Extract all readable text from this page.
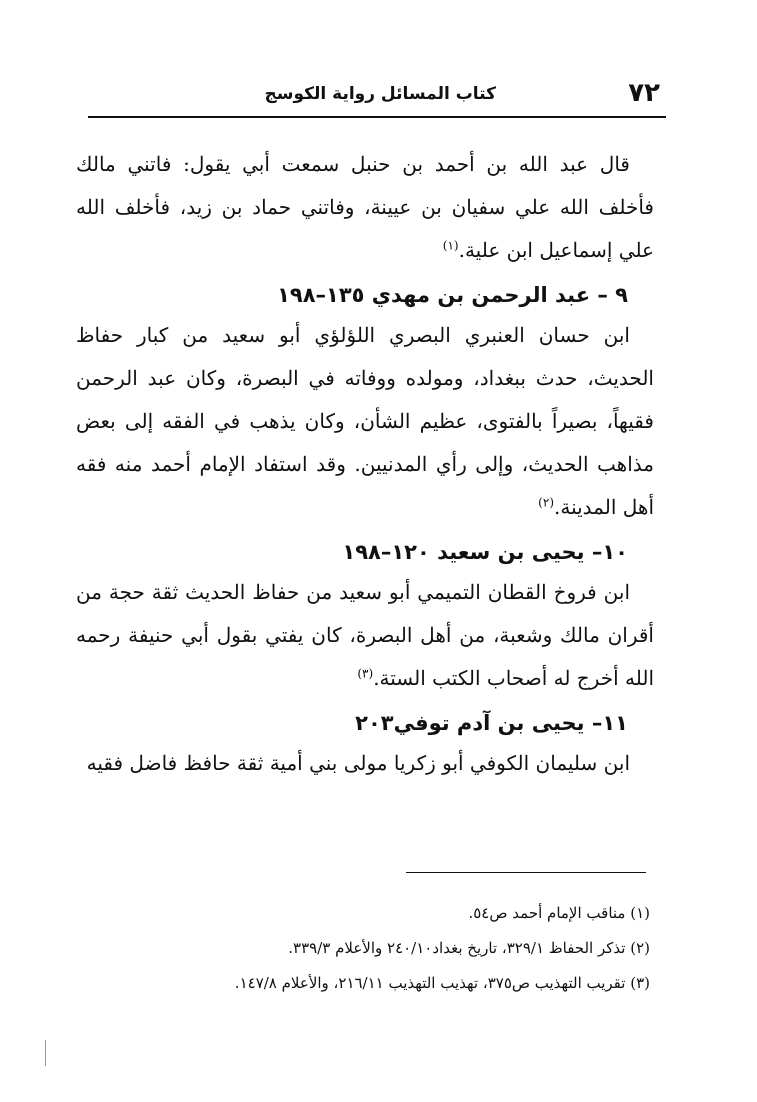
٧٢
كتاب المسائل رواية الكوسج

قال عبد الله بن أحمد بن حنبل سمعت أبي يقول: فاتني مالك فأخلف الله علي سفيان بن عيينة، وفاتني حماد بن زيد، فأخلف الله علي إسماعيل ابن علية.$^{(١)}$

٩ – عبد الرحمن بن مهدي ١٣٥–١٩٨

ابن حسان العنبري البصري اللؤلؤي أبو سعيد من كبار حفاظ الحديث، حدث ببغداد، ومولده ووفاته في البصرة، وكان عبد الرحمن فقيهاً، بصيراً بالفتوى، عظيم الشأن، وكان يذهب في الفقه إلى بعض مذاهب الحديث، وإلى رأي المدنيين. وقد استفاد الإمام أحمد منه فقه أهل المدينة.$^{(٢)}$

١٠– يحيى بن سعيد ١٢٠–١٩٨

ابن فروخ القطان التميمي أبو سعيد من حفاظ الحديث ثقة حجة من أقران مالك وشعبة، من أهل البصرة، كان يفتي بقول أبي حنيفة رحمه الله أخرج له أصحاب الكتب الستة.$^{(٣)}$

١١– يحيى بن آدم توفي٢٠٣

ابن سليمان الكوفي أبو زكريا مولى بني أمية ثقة حافظ فاضل فقيه

(١) مناقب الإمام أحمد ص٥٤.

(٢) تذكر الحفاظ ٣٢٩/١، تاريخ بغداد٢٤٠/١٠ والأعلام ٣٣٩/٣.

(٣) تقريب التهذيب ص٣٧٥، تهذيب التهذيب ٢١٦/١١، والأعلام ١٤٧/٨.
